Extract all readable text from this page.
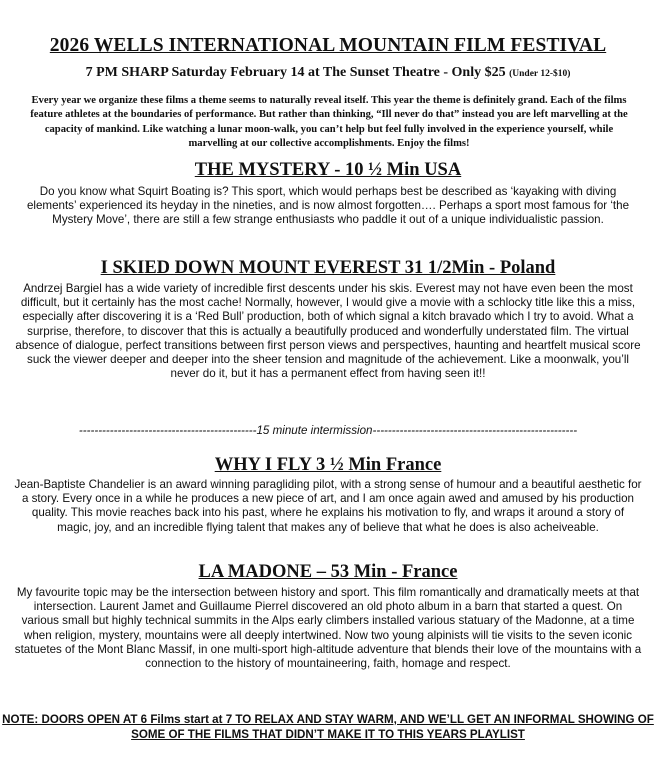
2026 WELLS INTERNATIONAL MOUNTAIN FILM FESTIVAL
7 PM SHARP Saturday February 14 at The Sunset Theatre - Only $25 (Under 12-$10)
Every year we organize these films a theme seems to naturally reveal itself. This year the theme is definitely grand. Each of the films feature athletes at the boundaries of performance. But rather than thinking, “Ill never do that” instead you are left marvelling at the capacity of mankind. Like watching a lunar moon-walk, you can’t help but feel fully involved in the experience yourself, while marvelling at our collective accomplishments. Enjoy the films!
THE MYSTERY - 10 ½ Min USA
Do you know what Squirt Boating is? This sport, which would perhaps best be described as ‘kayaking with diving elements’ experienced its heyday in the nineties, and is now almost forgotten…. Perhaps a sport most famous for ‘the Mystery Move’, there are still a few strange enthusiasts who paddle it out of a unique individualistic passion.
I SKIED DOWN MOUNT EVEREST 31 1/2Min - Poland
Andrzej Bargiel has a wide variety of incredible first descents under his skis. Everest may not have even been the most difficult, but it certainly has the most cache! Normally, however, I would give a movie with a schlocky title like this a miss, especially after discovering it is a ‘Red Bull’ production, both of which signal a kitch bravado which I try to avoid. What a surprise, therefore, to discover that this is actually a beautifully produced and wonderfully understated film. The virtual absence of dialogue, perfect transitions between first person views and perspectives, haunting and heartfelt musical score suck the viewer deeper and deeper into the sheer tension and magnitude of the achievement. Like a moonwalk, you’ll never do it, but it has a permanent effect from having seen it!!
----------------------------------------------15 minute intermission-----------------------------------------------------
WHY I FLY 3 ½ Min France
Jean-Baptiste Chandelier is an award winning paragliding pilot, with a strong sense of humour and a beautiful aesthetic for a story. Every once in a while he produces a new piece of art, and I am once again awed and amused by his production quality. This movie reaches back into his past, where he explains his motivation to fly, and wraps it around a story of magic, joy, and an incredible flying talent that makes any of believe that what he does is also acheiveable.
LA MADONE – 53 Min - France
My favourite topic may be the intersection between history and sport. This film romantically and dramatically meets at that intersection. Laurent Jamet and Guillaume Pierrel discovered an old photo album in a barn that started a quest. On various small but highly technical summits in the Alps early climbers installed various statuary of the Madonne, at a time when religion, mystery, mountains were all deeply intertwined. Now two young alpinists will tie visits to the seven iconic statuetes of the Mont Blanc Massif, in one multi-sport high-altitude adventure that blends their love of the mountains with a connection to the history of mountaineering, faith, homage and respect.
NOTE: DOORS OPEN AT 6 Films start at 7 TO RELAX AND STAY WARM, AND WE’LL GET AN INFORMAL SHOWING OF SOME OF THE FILMS THAT DIDN’T MAKE IT TO THIS YEARS PLAYLIST
